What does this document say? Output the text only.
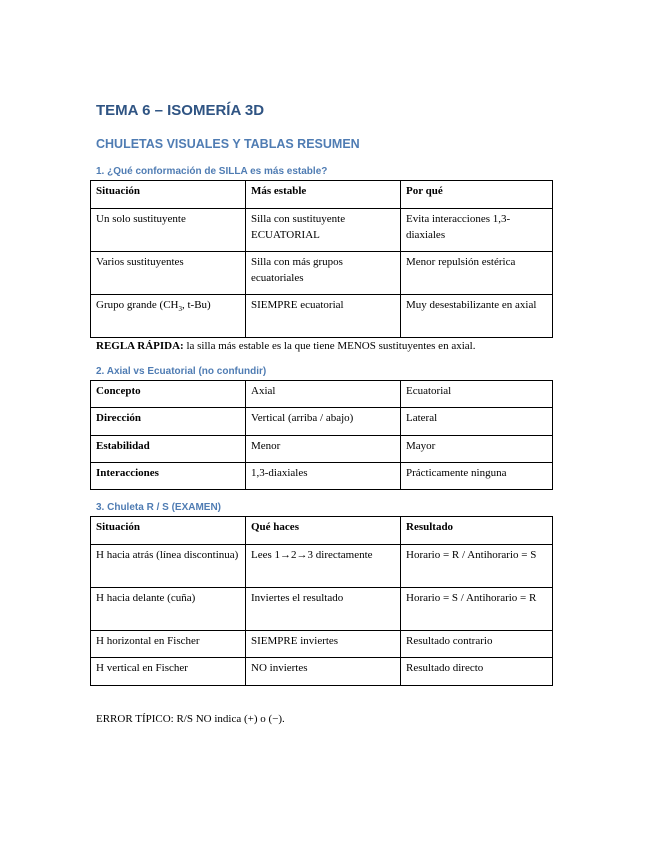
TEMA 6 – ISOMERÍA 3D
CHULETAS VISUALES Y TABLAS RESUMEN
1. ¿Qué conformación de SILLA es más estable?
Situación	Más estable	Por qué
Un solo sustituyente	Silla con sustituyente ECUATORIAL	Evita interacciones 1,3-diaxiales
Varios sustituyentes	Silla con más grupos ecuatoriales	Menor repulsión estérica
Grupo grande ($CH_3$, t-Bu)	SIEMPRE ecuatorial	Muy desestabilizante en axial

REGLA RÁPIDA: la silla más estable es la que tiene MENOS sustituyentes en axial.

2. Axial vs Ecuatorial (no confundir)
Concepto	Axial	Ecuatorial
Dirección	Vertical (arriba / abajo)	Lateral
Estabilidad	Menor	Mayor
Interacciones	1,3-diaxiales	Prácticamente ninguna
3. Chuleta R / S (EXAMEN)
Situación	Qué haces	Resultado
H hacia atrás (línea discontinua)	Lees 1→2→3 directamente	Horario = R / Antihorario = S
H hacia delante (cuña)	Inviertes el resultado	Horario = S / Antihorario = R
H horizontal en Fischer	SIEMPRE inviertes	Resultado contrario
H vertical en Fischer	NO inviertes	Resultado directo

ERROR TÍPICO: R/S NO indica (+) o (−).
